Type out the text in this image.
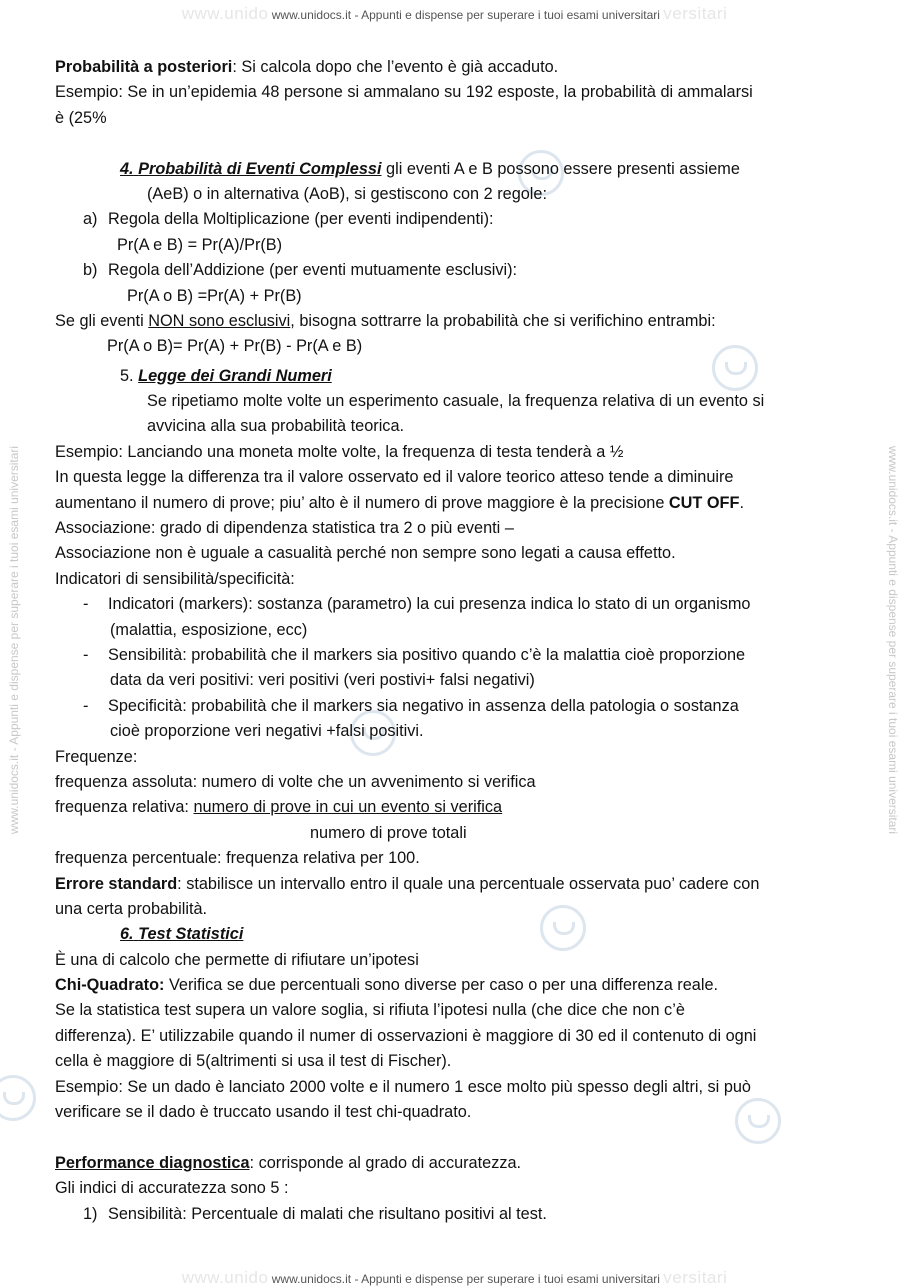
www.unido www.unidocs.it - Appunti e dispense per superare i tuoi esami universitari versitari
www.unidocs.it - Appunti e dispense per superare i tuoi esami universitari	www.unidocs.it - Appunti e dispense per superare i tuoi esami universitari
Probabilità a posteriori: Si calcola dopo che l’evento è già accaduto.
Esempio: Se in un’epidemia 48 persone si ammalano su 192 esposte, la probabilità di ammalarsi
è (25%
4. Probabilità di Eventi Complessi gli eventi A e B possono essere presenti assieme
(AeB) o in alternativa (AoB), si gestiscono con 2 regole:
a) Regola della Moltiplicazione (per eventi indipendenti):
Pr(A e B) = Pr(A)/Pr(B)
b) Regola dell’Addizione (per eventi mutuamente esclusivi):
Pr(A o B) =Pr(A) + Pr(B)
Se gli eventi NON sono esclusivi, bisogna sottrarre la probabilità che si verifichino entrambi:
Pr(A o B)= Pr(A) + Pr(B) - Pr(A e B)
5. Legge dei Grandi Numeri
Se ripetiamo molte volte un esperimento casuale, la frequenza relativa di un evento si
avvicina alla sua probabilità teorica.
Esempio: Lanciando una moneta molte volte, la frequenza di testa tenderà a ½
In questa legge la differenza tra il valore osservato ed il valore teorico atteso tende a diminuire
aumentano il numero di prove; piu’ alto è il numero di prove maggiore è la precisione CUT OFF.
Associazione: grado di dipendenza statistica tra 2 o più eventi –
Associazione non è uguale a casualità perché non sempre sono legati a causa effetto.
Indicatori di sensibilità/specificità:
- Indicatori (markers): sostanza (parametro) la cui presenza indica lo stato di un organismo
(malattia, esposizione, ecc)
- Sensibilità: probabilità che il markers sia positivo quando c’è la malattia cioè proporzione
data da veri positivi: veri positivi (veri postivi+ falsi negativi)
- Specificità: probabilità che il markers sia negativo in assenza della patologia o sostanza
cioè proporzione veri negativi +falsi positivi.
Frequenze:
frequenza assoluta: numero di volte che un avvenimento si verifica
frequenza relativa: numero di prove in cui un evento si verifica
numero di prove totali
frequenza percentuale: frequenza relativa per 100.
Errore standard: stabilisce un intervallo entro il quale una percentuale osservata puo’ cadere con
una certa probabilità.
6. Test Statistici
È una di calcolo che permette di rifiutare un’ipotesi
Chi-Quadrato: Verifica se due percentuali sono diverse per caso o per una differenza reale.
Se la statistica test supera un valore soglia, si rifiuta l’ipotesi nulla (che dice che non c’è
differenza). E’ utilizzabile quando il numer di osservazioni è maggiore di 30 ed il contenuto di ogni
cella è maggiore di 5(altrimenti si usa il test di Fischer).
Esempio: Se un dado è lanciato 2000 volte e il numero 1 esce molto più spesso degli altri, si può
verificare se il dado è truccato usando il test chi-quadrato.
Performance diagnostica: corrisponde al grado di accuratezza.
Gli indici di accuratezza sono 5 :
1) Sensibilità: Percentuale di malati che risultano positivi al test.
www.unido www.unidocs.it - Appunti e dispense per superare i tuoi esami universitari versitari
